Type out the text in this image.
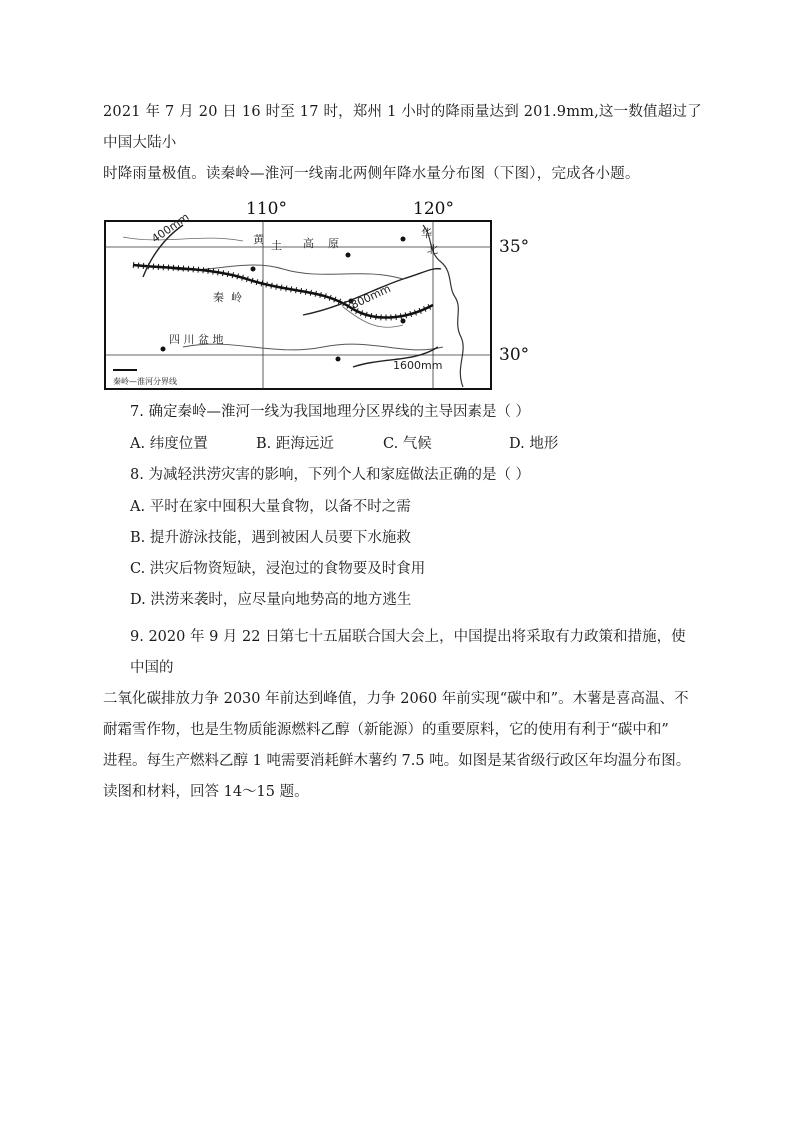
2021 年 7 月 20 日 16 时至 17 时，郑州 1 小时的降雨量达到 201.9mm,这一数值超过了中国大陆小
时降雨量极值。读秦岭—淮河一线南北两侧年降水量分布图（下图），完成各小题。

110°	120°
35°
30°
400mm
800mm
1600mm
黄 土 高 原
华
北
秦 岭
四 川 盆 地
秦岭—淮河分界线

7. 确定秦岭—淮河一线为我国地理分区界线的主导因素是（ ）

A. 纬度位置	B. 距海远近	C. 气候	D. 地形

8. 为减轻洪涝灾害的影响，下列个人和家庭做法正确的是（ ）

A. 平时在家中囤积大量食物，以备不时之需

B. 提升游泳技能，遇到被困人员要下水施救

C. 洪灾后物资短缺，浸泡过的食物要及时食用

D. 洪涝来袭时，应尽量向地势高的地方逃生

9. 2020 年 9 月 22 日第七十五届联合国大会上，中国提出将采取有力政策和措施，使中国的
二氧化碳排放力争 2030 年前达到峰值，力争 2060 年前实现“碳中和”。木薯是喜高温、不
耐霜雪作物，也是生物质能源燃料乙醇（新能源）的重要原料，它的使用有利于“碳中和”
进程。每生产燃料乙醇 1 吨需要消耗鲜木薯约 7.5 吨。如图是某省级行政区年均温分布图。
读图和材料，回答 14～15 题。
